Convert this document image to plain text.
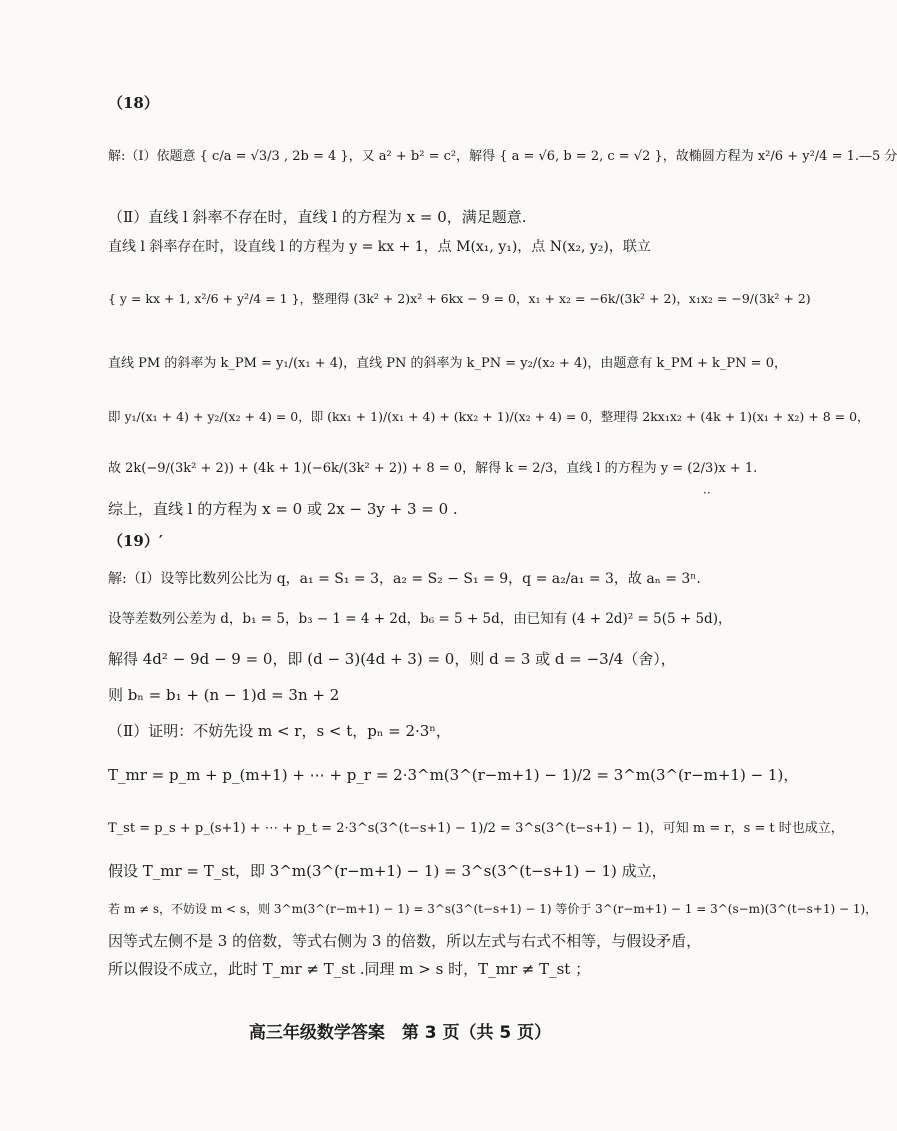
（18）
解:（Ⅰ）依题意 { c/a = √3/3 , 2b = 4 }，又 a² + b² = c²，解得 { a = √6, b = 2, c = √2 }，故椭圆方程为 x²/6 + y²/4 = 1.—5 分
（Ⅱ）直线 l 斜率不存在时，直线 l 的方程为 x = 0，满足题意.
直线 l 斜率存在时，设直线 l 的方程为 y = kx + 1，点 M(x₁, y₁)，点 N(x₂, y₂)，联立
{ y = kx + 1, x²/6 + y²/4 = 1 }，整理得 (3k² + 2)x² + 6kx − 9 = 0，x₁ + x₂ = −6k/(3k² + 2)，x₁x₂ = −9/(3k² + 2)
直线 PM 的斜率为 k_PM = y₁/(x₁ + 4)，直线 PN 的斜率为 k_PN = y₂/(x₂ + 4)，由题意有 k_PM + k_PN = 0，
即 y₁/(x₁ + 4) + y₂/(x₂ + 4) = 0，即 (kx₁ + 1)/(x₁ + 4) + (kx₂ + 1)/(x₂ + 4) = 0，整理得 2kx₁x₂ + (4k + 1)(x₁ + x₂) + 8 = 0，
故 2k(−9/(3k² + 2)) + (4k + 1)(−6k/(3k² + 2)) + 8 = 0，解得 k = 2/3，直线 l 的方程为 y = (2/3)x + 1.
综上，直线 l 的方程为 x = 0 或 2x − 3y + 3 = 0 .
··
（19）′
解:（Ⅰ）设等比数列公比为 q，a₁ = S₁ = 3，a₂ = S₂ − S₁ = 9，q = a₂/a₁ = 3，故 aₙ = 3ⁿ.
设等差数列公差为 d，b₁ = 5，b₃ − 1 = 4 + 2d，b₆ = 5 + 5d，由已知有 (4 + 2d)² = 5(5 + 5d)，
解得 4d² − 9d − 9 = 0，即 (d − 3)(4d + 3) = 0，则 d = 3 或 d = −3/4（舍），
则 bₙ = b₁ + (n − 1)d = 3n + 2
（Ⅱ）证明：不妨先设 m < r，s < t，pₙ = 2·3ⁿ，
T_mr = p_m + p_(m+1) + ⋯ + p_r = 2·3^m(3^(r−m+1) − 1)/2 = 3^m(3^(r−m+1) − 1)，
T_st = p_s + p_(s+1) + ⋯ + p_t = 2·3^s(3^(t−s+1) − 1)/2 = 3^s(3^(t−s+1) − 1)，可知 m = r，s = t 时也成立，
假设 T_mr = T_st，即 3^m(3^(r−m+1) − 1) = 3^s(3^(t−s+1) − 1) 成立，
若 m ≠ s，不妨设 m < s，则 3^m(3^(r−m+1) − 1) = 3^s(3^(t−s+1) − 1) 等价于 3^(r−m+1) − 1 = 3^(s−m)(3^(t−s+1) − 1)，
因等式左侧不是 3 的倍数，等式右侧为 3 的倍数，所以左式与右式不相等，与假设矛盾，
所以假设不成立，此时 T_mr ≠ T_st .同理 m > s 时，T_mr ≠ T_st ；
高三年级数学答案　第 3 页（共 5 页）
